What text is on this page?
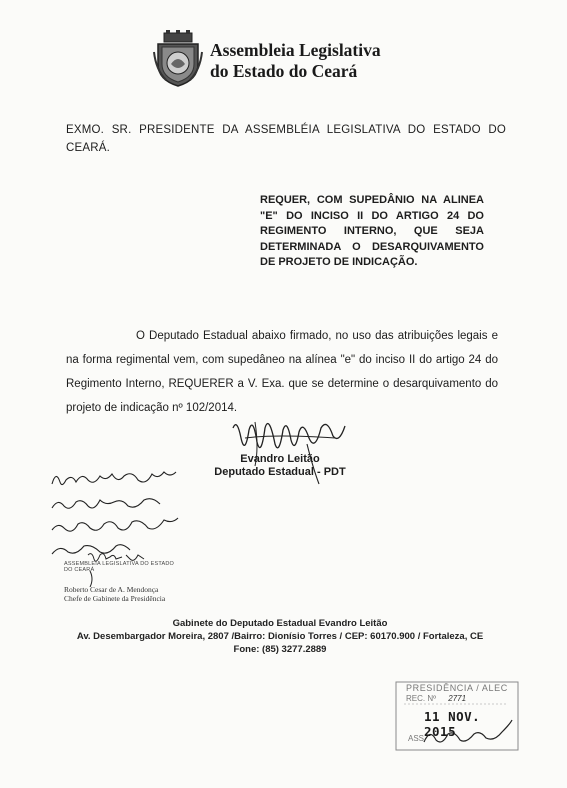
Assembleia Legislativa
do Estado do Ceará
EXMO. SR. PRESIDENTE DA ASSEMBLÉIA LEGISLATIVA DO ESTADO DO CEARÁ.
REQUER, COM SUPEDÂNIO NA ALINEA "E" DO INCISO II DO ARTIGO 24 DO REGIMENTO INTERNO, QUE SEJA DETERMINADA O DESARQUIVAMENTO DE PROJETO DE INDICAÇÃO.
O Deputado Estadual abaixo firmado, no uso das atribuições legais e na forma regimental vem, com supedâneo na alínea "e" do inciso II do artigo 24 do Regimento Interno, REQUERER a V. Exa. que se determine o desarquivamento do projeto de indicação nº 102/2014.
Evandro Leitão
Deputado Estadual - PDT
ASSEMBLEIA LEGISLATIVA DO ESTADO DO CEARÁ
Roberto Cesar de A. Mendonça
Chefe de Gabinete da Presidência
Gabinete do Deputado Estadual Evandro Leitão
Av. Desembargador Moreira, 2807 /Bairro: Dionísio Torres / CEP: 60170.900 / Fortaleza, CE
Fone: (85) 3277.2889
PRESIDÊNCIA / ALEC
REC. Nº 2771
11 NOV. 2015
ASS.
